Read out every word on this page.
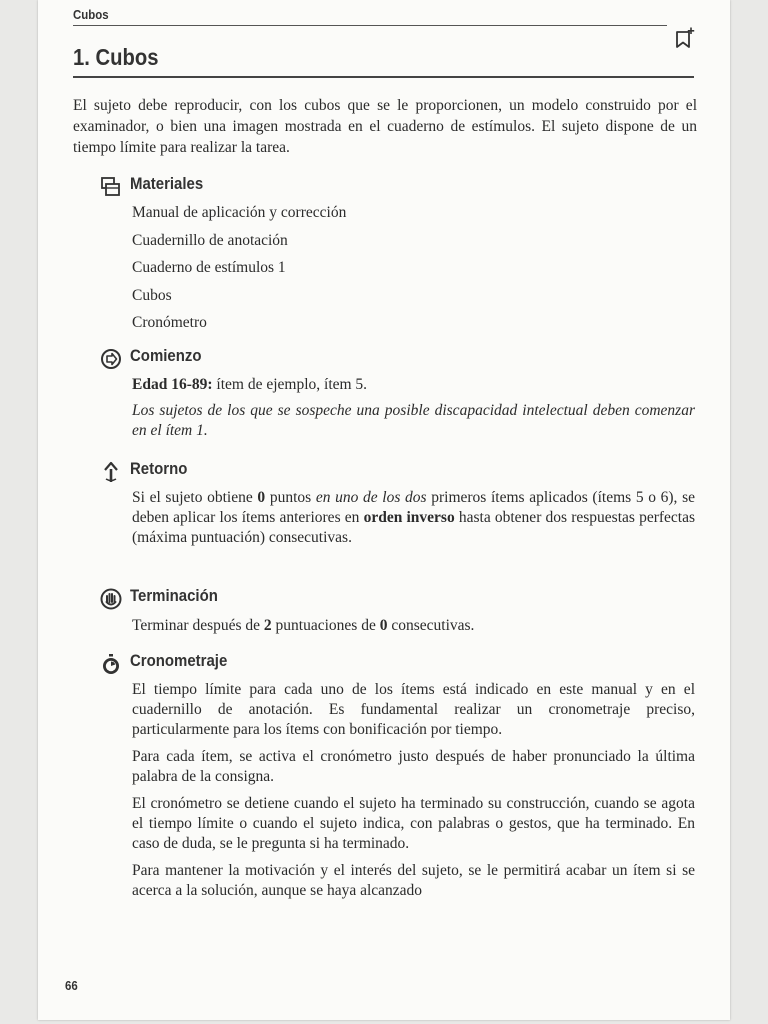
Cubos
1. Cubos
El sujeto debe reproducir, con los cubos que se le proporcionen, un modelo construido por el examinador, o bien una imagen mostrada en el cuaderno de estímulos. El sujeto dispone de un tiempo límite para realizar la tarea.
Materiales
Manual de aplicación y corrección
Cuadernillo de anotación
Cuaderno de estímulos 1
Cubos
Cronómetro
Comienzo

Edad 16-89: ítem de ejemplo, ítem 5.

Los sujetos de los que se sospeche una posible discapacidad intelectual deben comenzar en el ítem 1.

Retorno

Si el sujeto obtiene 0 puntos en uno de los dos primeros ítems aplicados (ítems 5 o 6), se deben aplicar los ítems anteriores en orden inverso hasta obtener dos respuestas perfectas (máxima puntuación) consecutivas.

Terminación

Terminar después de 2 puntuaciones de 0 consecutivas.

Cronometraje

El tiempo límite para cada uno de los ítems está indicado en este manual y en el cuadernillo de anotación. Es fundamental realizar un cronometraje preciso, particularmente para los ítems con bonificación por tiempo.

Para cada ítem, se activa el cronómetro justo después de haber pronunciado la última palabra de la consigna.

El cronómetro se detiene cuando el sujeto ha terminado su construcción, cuando se agota el tiempo límite o cuando el sujeto indica, con palabras o gestos, que ha terminado. En caso de duda, se le pregunta si ha terminado.

Para mantener la motivación y el interés del sujeto, se le permitirá acabar un ítem si se acerca a la solución, aunque se haya alcanzado

66
